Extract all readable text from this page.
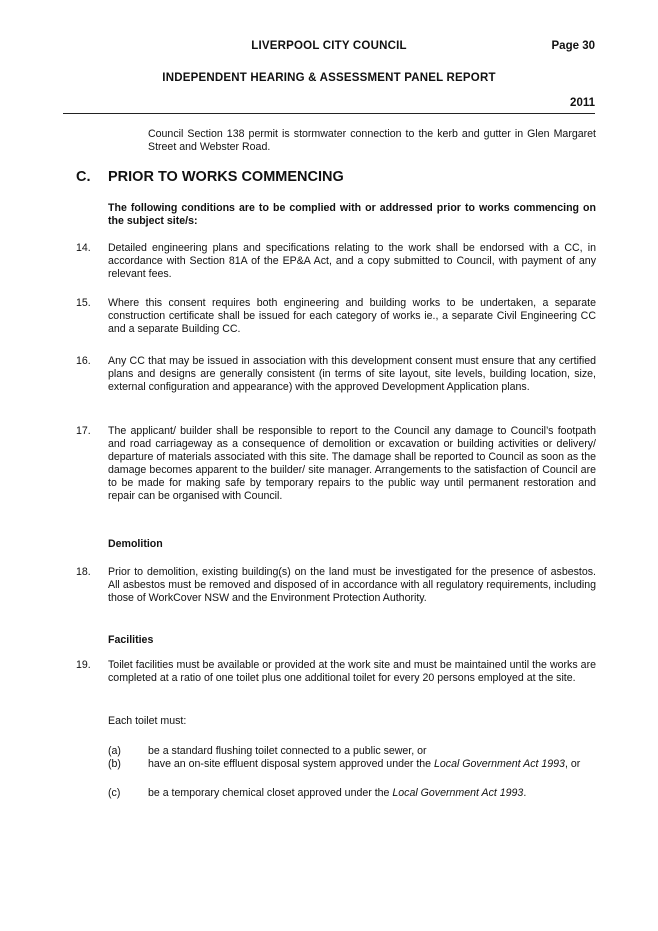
LIVERPOOL CITY COUNCIL	Page 30
INDEPENDENT HEARING & ASSESSMENT PANEL REPORT
2011
Council Section 138 permit is stormwater connection to the kerb and gutter in Glen Margaret Street and Webster Road.
C. PRIOR TO WORKS COMMENCING
The following conditions are to be complied with or addressed prior to works commencing on the subject site/s:
14. Detailed engineering plans and specifications relating to the work shall be endorsed with a CC, in accordance with Section 81A of the EP&A Act, and a copy submitted to Council, with payment of any relevant fees.
15. Where this consent requires both engineering and building works to be undertaken, a separate construction certificate shall be issued for each category of works ie., a separate Civil Engineering CC and a separate Building CC.
16. Any CC that may be issued in association with this development consent must ensure that any certified plans and designs are generally consistent (in terms of site layout, site levels, building location, size, external configuration and appearance) with the approved Development Application plans.
17. The applicant/ builder shall be responsible to report to the Council any damage to Council’s footpath and road carriageway as a consequence of demolition or excavation or building activities or delivery/ departure of materials associated with this site. The damage shall be reported to Council as soon as the damage becomes apparent to the builder/ site manager. Arrangements to the satisfaction of Council are to be made for making safe by temporary repairs to the public way until permanent restoration and repair can be organised with Council.
Demolition
18. Prior to demolition, existing building(s) on the land must be investigated for the presence of asbestos. All asbestos must be removed and disposed of in accordance with all regulatory requirements, including those of WorkCover NSW and the Environment Protection Authority.
Facilities
19. Toilet facilities must be available or provided at the work site and must be maintained until the works are completed at a ratio of one toilet plus one additional toilet for every 20 persons employed at the site.
Each toilet must:
(a)	be a standard flushing toilet connected to a public sewer, or
(b)	have an on-site effluent disposal system approved under the Local Government Act 1993, or
(c)	be a temporary chemical closet approved under the Local Government Act 1993.
